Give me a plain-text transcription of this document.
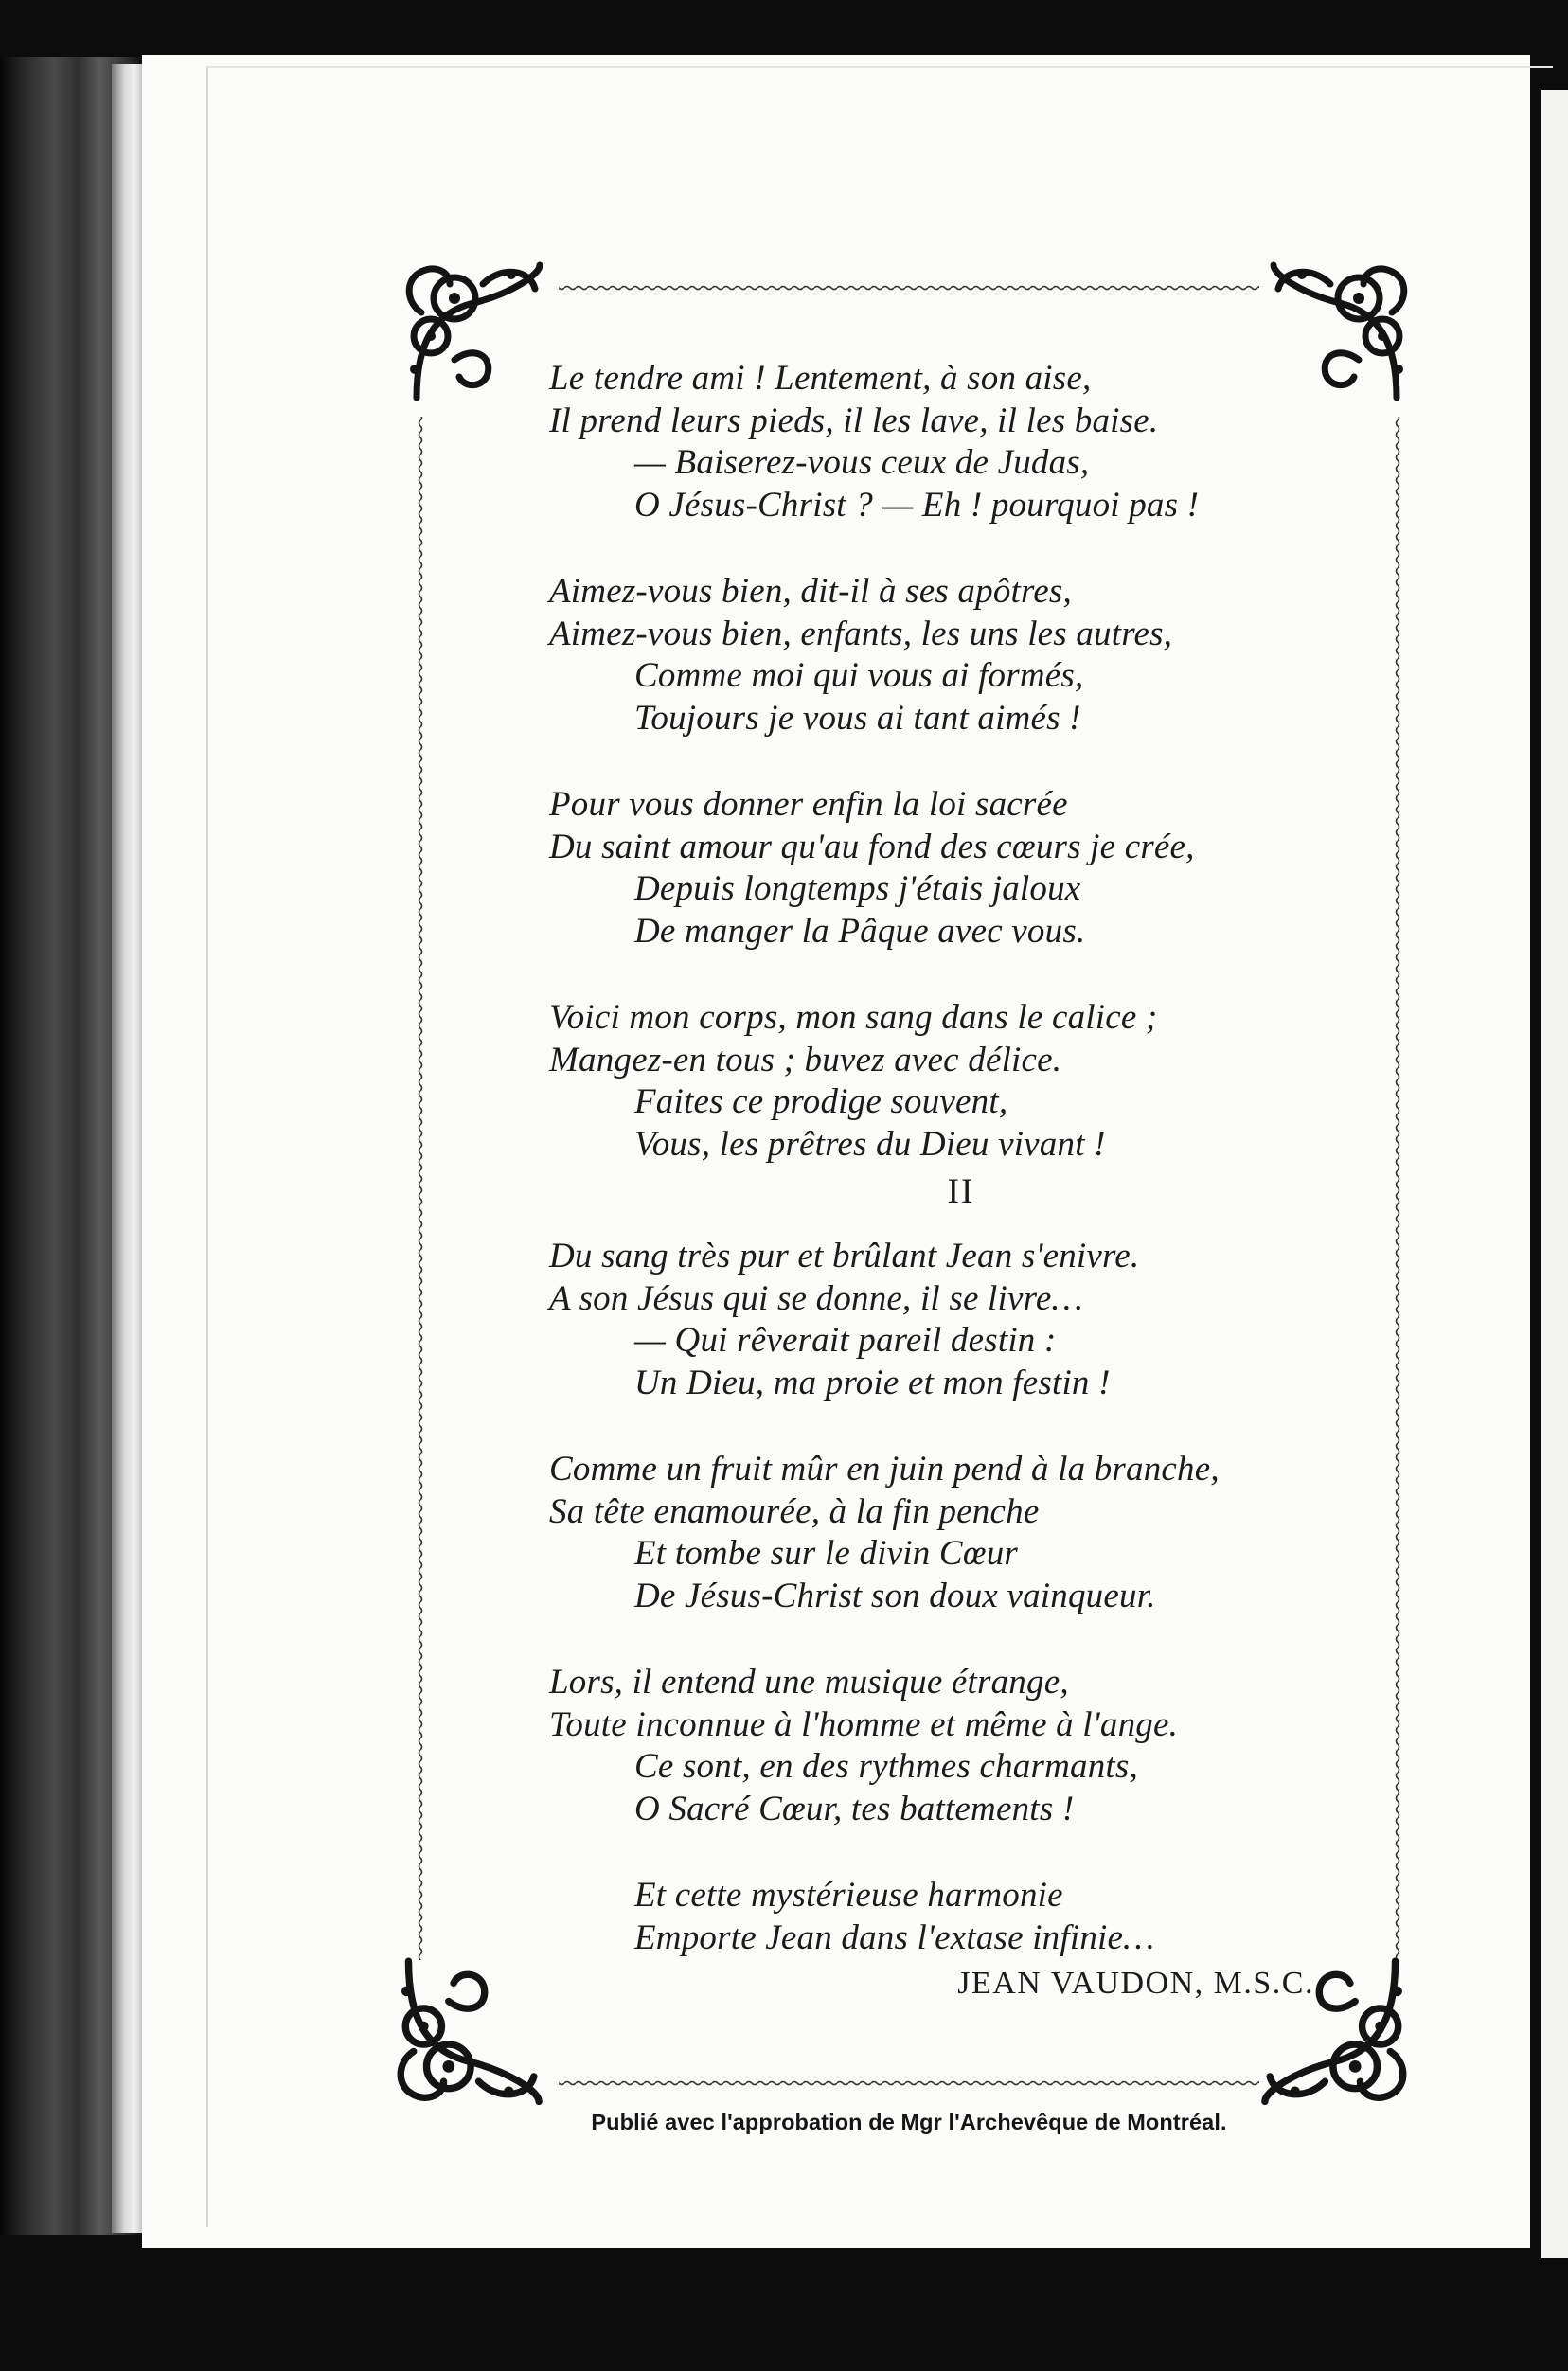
Le tendre ami ! Lentement, à son aise,
Il prend leurs pieds, il les lave, il les baise.
— Baiserez-vous ceux de Judas,
O Jésus-Christ ? — Eh ! pourquoi pas !
Aimez-vous bien, dit-il à ses apôtres,
Aimez-vous bien, enfants, les uns les autres,
Comme moi qui vous ai formés,
Toujours je vous ai tant aimés !
Pour vous donner enfin la loi sacrée
Du saint amour qu'au fond des cœurs je crée,
Depuis longtemps j'étais jaloux
De manger la Pâque avec vous.
Voici mon corps, mon sang dans le calice ;
Mangez-en tous ; buvez avec délice.
Faites ce prodige souvent,
Vous, les prêtres du Dieu vivant !
II
Du sang très pur et brûlant Jean s'enivre.
A son Jésus qui se donne, il se livre…
— Qui rêverait pareil destin :
Un Dieu, ma proie et mon festin !
Comme un fruit mûr en juin pend à la branche,
Sa tête enamourée, à la fin penche
Et tombe sur le divin Cœur
De Jésus-Christ son doux vainqueur.
Lors, il entend une musique étrange,
Toute inconnue à l'homme et même à l'ange.
Ce sont, en des rythmes charmants,
O Sacré Cœur, tes battements !
Et cette mystérieuse harmonie
Emporte Jean dans l'extase infinie…
JEAN VAUDON, M.S.C.
Publié avec l'approbation de Mgr l'Archevêque de Montréal.
